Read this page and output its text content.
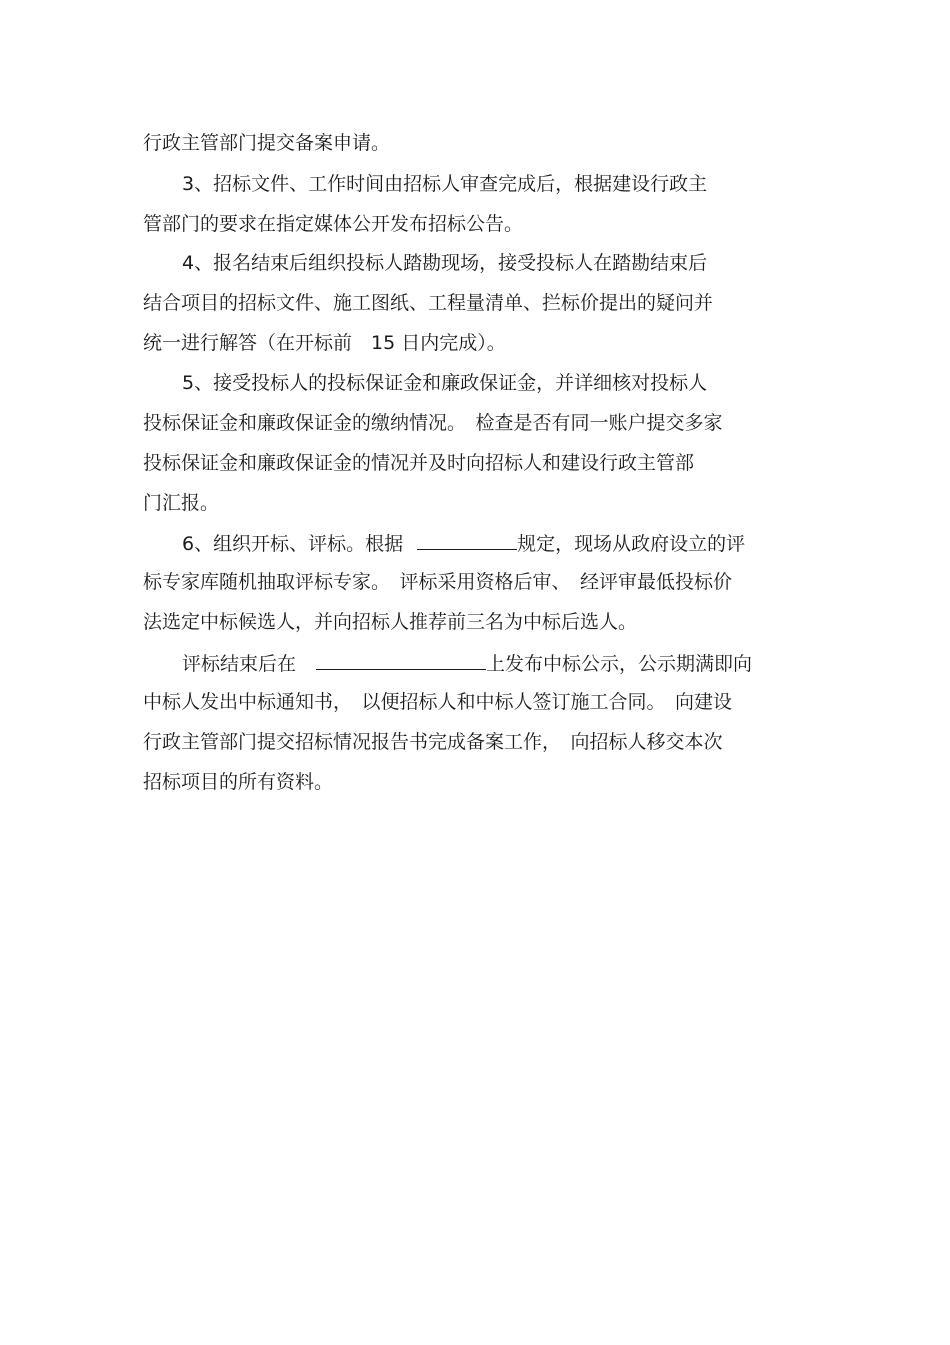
行政主管部门提交备案申请。
3、招标文件、工作时间由招标人审查完成后，根据建设行政主
管部门的要求在指定媒体公开发布招标公告。
4、报名结束后组织投标人踏勘现场，接受投标人在踏勘结束后
结合项目的招标文件、施工图纸、工程量清单、拦标价提出的疑问并
统一进行解答（在开标前　15 日内完成）。
5、接受投标人的投标保证金和廉政保证金，并详细核对投标人
投标保证金和廉政保证金的缴纳情况。　检查是否有同一账户提交多家
投标保证金和廉政保证金的情况并及时向招标人和建设行政主管部
门汇报。
6、组织开标、评标。根据	规定，现场从政府设立的评
标专家库随机抽取评标专家。　评标采用资格后审、　经评审最低投标价
法选定中标候选人，并向招标人推荐前三名为中标后选人。
评标结束后在	上发布中标公示，公示期满即向
中标人发出中标通知书，　以便招标人和中标人签订施工合同。　向建设
行政主管部门提交招标情况报告书完成备案工作，　向招标人移交本次
招标项目的所有资料。
